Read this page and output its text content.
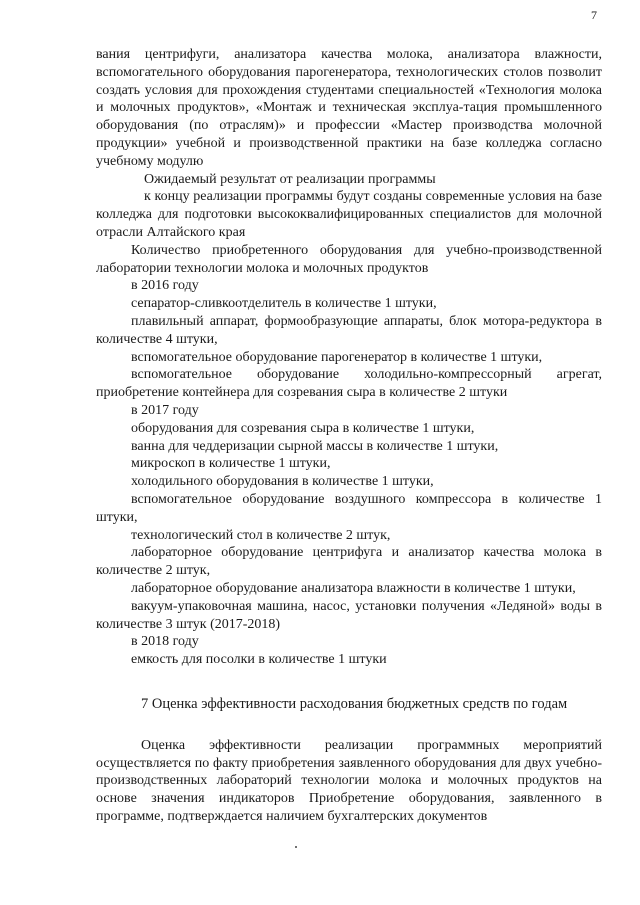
7

вания центрифуги, анализатора качества молока, анализатора влажности, вспомогательного оборудования парогенератора, технологических столов позволит создать условия для прохождения студентами специальностей «Технология молока и молочных продуктов», «Монтаж и техническая эксплуа-тация промышленного оборудования (по отраслям)» и профессии «Мастер производства молочной продукции» учебной и производственной практики на базе колледжа согласно учебному модулю

Ожидаемый результат от реализации программы

к концу реализации программы будут созданы современные условия на базе колледжа для подготовки высококвалифицированных специалистов для молочной отрасли Алтайского края

Количество приобретенного оборудования для учебно-производственной лаборатории технологии молока и молочных продуктов

в 2016 году

сепаратор-сливкоотделитель в количестве 1 штуки,

плавильный аппарат, формообразующие аппараты, блок моторa-редуктора в количестве 4 штуки,

вспомогательное оборудование парогенератор в количестве 1 штуки,

вспомогательное оборудование холодильно-компрессорный агрегат, приобретение контейнера для созревания сыра в количестве 2 штуки

в 2017 году

оборудования для созревания сыра в количестве 1 штуки,

ванна для чеддеризации сырной массы в количестве 1 штуки,

микроскоп в количестве 1 штуки,

холодильного оборудования в количестве 1 штуки,

вспомогательное оборудование воздушного компрессора в количестве 1 штуки,

технологический стол в количестве 2 штук,

лабораторное оборудование центрифуга и анализатор качества молока в количестве 2 штук,

лабораторное оборудование анализатора влажности в количестве 1 штуки,

вакуум-упаковочная машина, насос, установки получения «Ледяной» воды в количестве 3 штук (2017-2018)

в 2018 году

емкость для посолки в количестве 1 штуки

7 Оценка эффективности расходования бюджетных средств по годам

Оценка эффективности реализации программных мероприятий осуществляется по факту приобретения заявленного оборудования для двух учебно-производственных лабораторий технологии молока и молочных продуктов на основе значения индикаторов Приобретение оборудования, заявленного в программе, подтверждается наличием бухгалтерских документов
